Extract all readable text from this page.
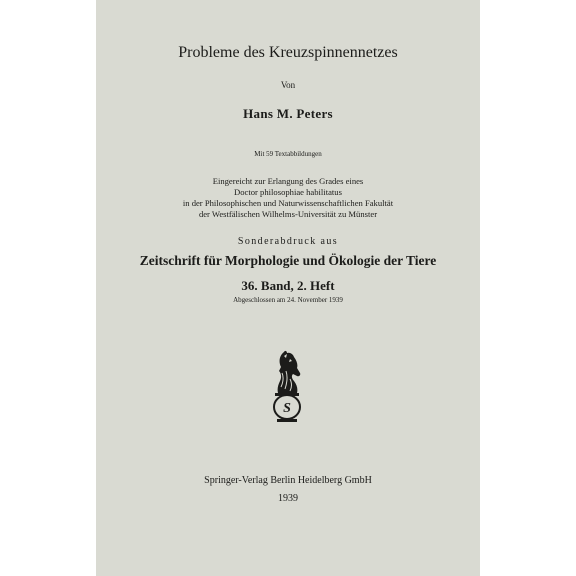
Probleme des Kreuzspinnennetzes
Von
Hans M. Peters
Mit 59 Textabbildungen
Eingereicht zur Erlangung des Grades eines
Doctor philosophiae habilitatus
in der Philosophischen und Naturwissenschaftlichen Fakultät
der Westfälischen Wilhelms-Universität zu Münster
Sonderabdruck aus
Zeitschrift für Morphologie und Ökologie der Tiere
36. Band, 2. Heft
Abgeschlossen am 24. November 1939
S
Springer-Verlag Berlin Heidelberg GmbH
1939
